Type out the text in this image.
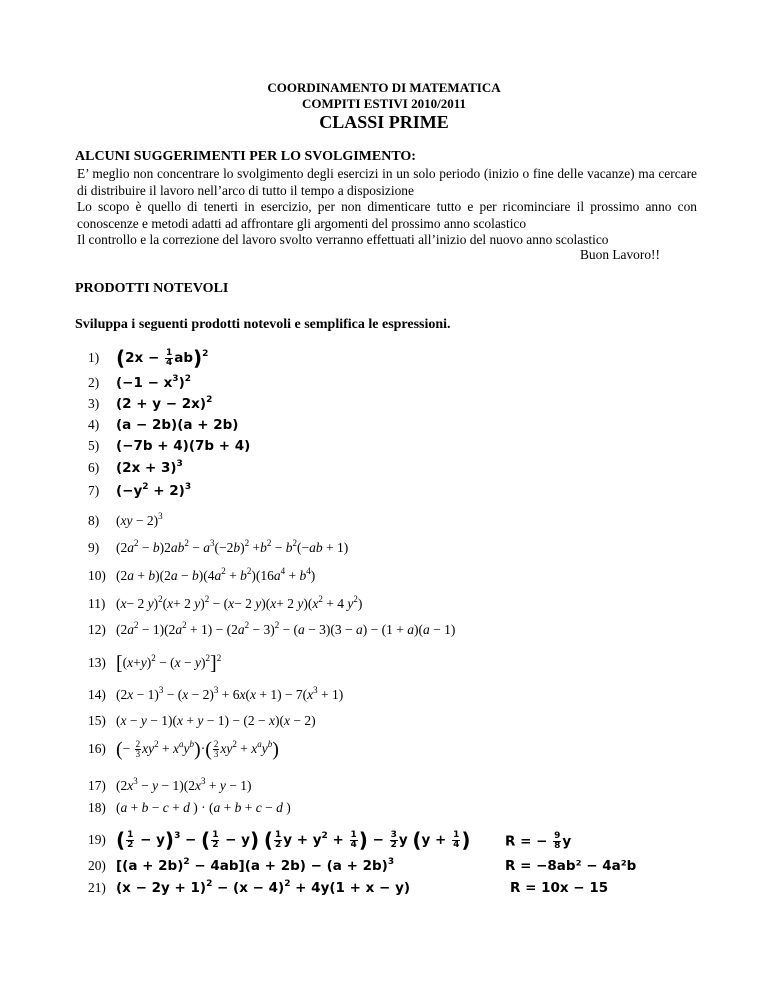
COORDINAMENTO DI MATEMATICA
COMPITI ESTIVI 2010/2011
CLASSI PRIME
ALCUNI SUGGERIMENTI PER LO SVOLGIMENTO:
E’ meglio non concentrare lo svolgimento degli esercizi in un solo periodo (inizio o fine delle vacanze) ma cercare di distribuire il lavoro nell’arco di tutto il tempo a disposizione
Lo scopo è quello di tenerti in esercizio, per non dimenticare tutto e per ricominciare il prossimo anno con conoscenze e metodi adatti ad affrontare gli argomenti del prossimo anno scolastico
Il controllo e la correzione del lavoro svolto verranno effettuati all’inizio del nuovo anno scolastico
Buon Lavoro!!
PRODOTTI NOTEVOLI
Sviluppa i seguenti prodotti notevoli e semplifica le espressioni.
1) $(2x - \frac{1}{4} ab)^2$
2) $(-1 - x^3)^2$
3) $(2 + y - 2x)^2$
4) (a − 2b)(a + 2b)
5) (−7b + 4)(7b + 4)
6) $(2x + 3)^3$
7) $(-y^2 + 2)^3$
8) (xy − 2)$^3$
9) $(2a^2 - b)2ab^2 - a^3(-2b)^2 +b^2 - b^2(-ab + 1)$
10) $(2a + b)(2a - b)(4a^2 + b^2)(16a^4 + b^4)$
11) (x− 2 y)$^2$(x+ 2 y)$^2$ − (x− 2 y)(x+ 2 $y)(x^2 + 4$ $y^2$)
12) $(2a^2 - 1)(2a^2 + 1) - (2a^2 - 3)^2 - (a - 3)(3 - a) - (1 + a)(a - 1)$
13) $[(x+y)^2 - (x - y)^2]^2$
14) $(2x - 1)^3 - (x - 2)^3 + 6x(x + 1) - 7(x^3 + 1)$
15) (x − y − 1)(x + y − 1) − (2 − x)(x − 2)
16) (− $\frac{2}{3} xy^2 + x^ay^b)\cdot( \frac{2}{3} xy^2 + x^ay^b)$
17) $(2x^3 - y - 1)(2x^3 + y - 1)$
18) (a + b − c + d ) · (a + b + c − d )
19) ( $\frac{1}{2} - y)^3$ − ( $\frac{1}{2} - y$) ( $\frac{1}{2}$ $y + y^2 + \frac{1}{4}$ ) − $\frac{3}{2}$ y ($y + \frac{1}{4}$ )	R = − $\frac{9}{8}$ y
20) $[(a + 2b)^2 - 4ab](a + 2b) - (a + 2b)^3$	R = −8ab² − 4a²b
21) $(x - 2y + 1)^2 - (x - 4)^2 + 4y(1 + x - y)$	R = 10x − 15
